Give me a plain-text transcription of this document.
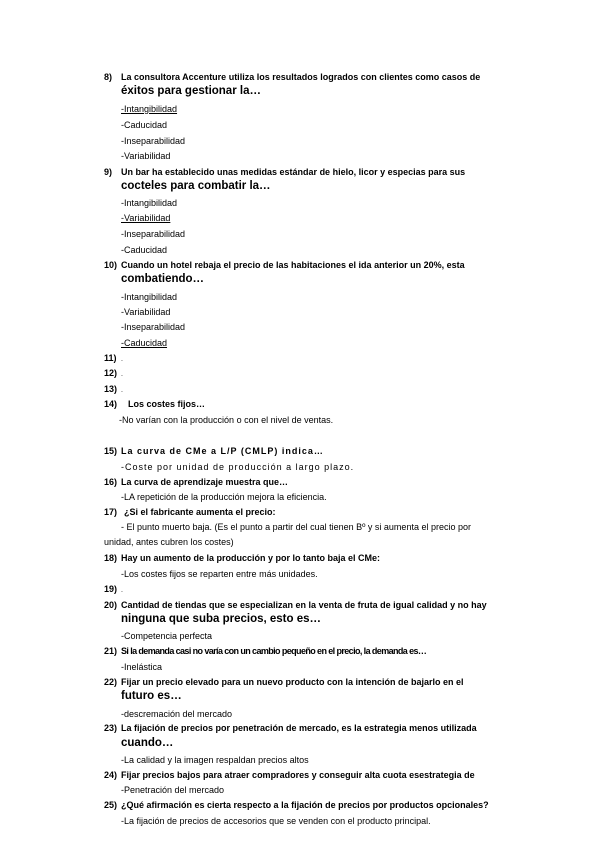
8) La consultora Accenture utiliza los resultados logrados con clientes como casos de
éxitos para gestionar la…
-Intangibilidad
-Caducidad
-Inseparabilidad
-Variabilidad
9) Un bar ha establecido unas medidas estándar de hielo, licor y especias para sus
cocteles para combatir la…
-Intangibilidad
-Variabilidad
-Inseparabilidad
-Caducidad
10) Cuando un hotel rebaja el precio de las habitaciones el ida anterior un 20%, esta
combatiendo…
-Intangibilidad
-Variabilidad
-Inseparabilidad
-Caducidad
11) .
12) .
13) .
14) Los costes fijos…
-No varían con la producción o con el nivel de ventas.
15) La curva de CMe a L/P (CMLP) indica…
-Coste por unidad de producción a largo plazo.
16) La curva de aprendizaje muestra que…
-LA repetición de la producción mejora la eficiencia.
17) ¿Si el fabricante aumenta el precio:
- El punto muerto baja. (Es el punto a partir del cual tienen Bº y si aumenta el precio por
unidad, antes cubren los costes)
18) Hay un aumento de la producción y por lo tanto baja el CMe:
-Los costes fijos se reparten entre más unidades.
19) .
20) Cantidad de tiendas que se especializan en la venta de fruta de igual calidad y no hay
ninguna que suba precios, esto es…
-Competencia perfecta
21) Si la demanda casi no varía con un cambio pequeño en el precio, la demanda es…
-Inelástica
22) Fijar un precio elevado para un nuevo producto con la intención de bajarlo en el
futuro es…
-descremación del mercado
23) La fijación de precios por penetración de mercado, es la estrategia menos utilizada
cuando…
-La calidad y la imagen respaldan precios altos
24) Fijar precios bajos para atraer compradores y conseguir alta cuota esestrategia de
-Penetración del mercado
25) ¿Qué afirmación es cierta respecto a la fijación de precios por productos opcionales?
-La fijación de precios de accesorios que se venden con el producto principal.
